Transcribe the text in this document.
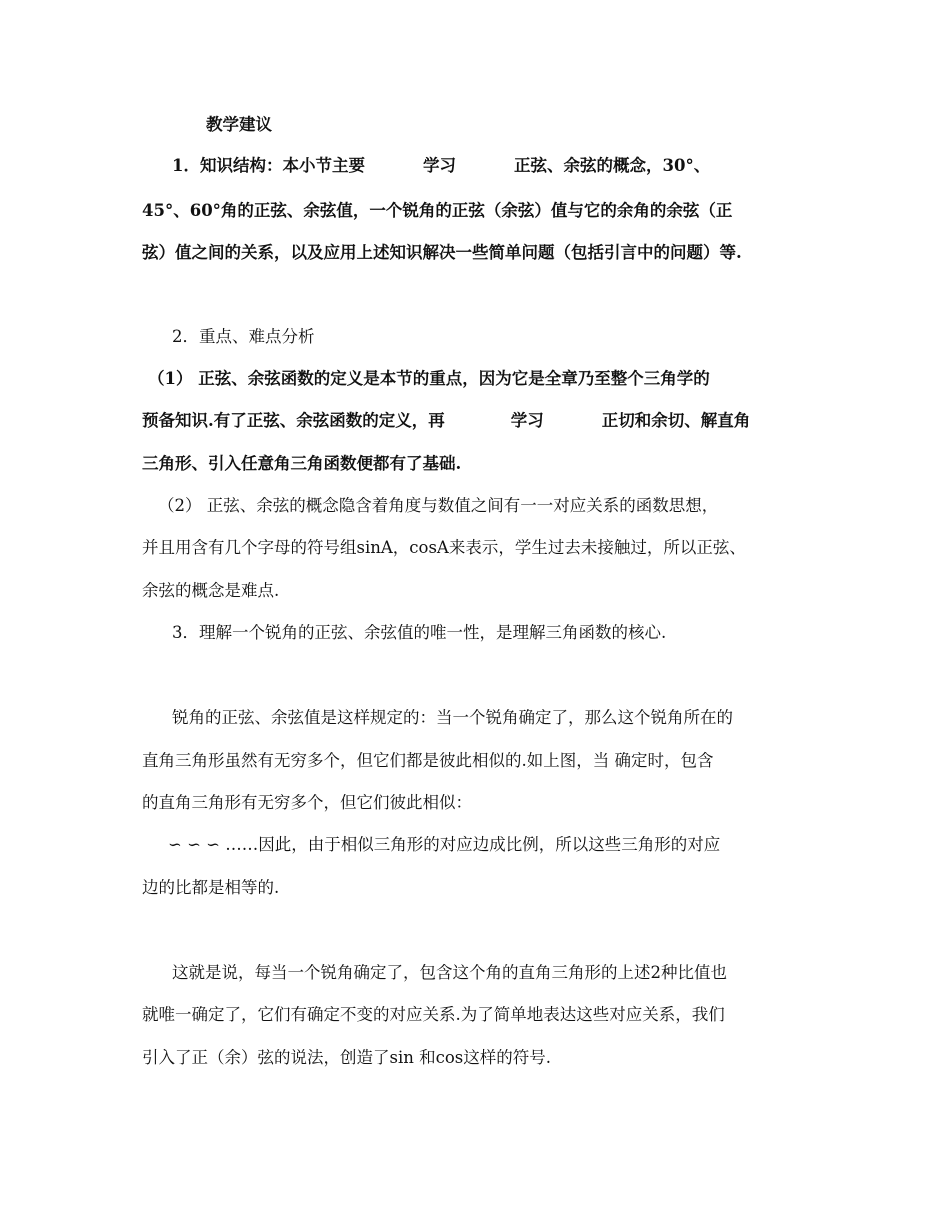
教学建议
1．知识结构：本小节主要	学习	正弦、余弦的概念，30°、
45°、60°角的正弦、余弦值，一个锐角的正弦（余弦）值与它的余角的余弦（正
弦）值之间的关系，以及应用上述知识解决一些简单问题（包括引言中的问题）等.
2．重点、难点分析
（1） 正弦、余弦函数的定义是本节的重点，因为它是全章乃至整个三角学的
预备知识.有了正弦、余弦函数的定义，再	学习	正切和余切、解直角
三角形、引入任意角三角函数便都有了基础.
（2） 正弦、余弦的概念隐含着角度与数值之间有一一对应关系的函数思想，
并且用含有几个字母的符号组sinA，cosA来表示，学生过去未接触过，所以正弦、
余弦的概念是难点.
3．理解一个锐角的正弦、余弦值的唯一性，是理解三角函数的核心.
锐角的正弦、余弦值是这样规定的：当一个锐角确定了，那么这个锐角所在的
直角三角形虽然有无穷多个，但它们都是彼此相似的.如上图，当 确定时，包含
的直角三角形有无穷多个，但它们彼此相似：
∽ ∽ ∽ ……因此，由于相似三角形的对应边成比例，所以这些三角形的对应
边的比都是相等的.
这就是说，每当一个锐角确定了，包含这个角的直角三角形的上述2种比值也
就唯一确定了，它们有确定不变的对应关系.为了简单地表达这些对应关系，我们
引入了正（余）弦的说法，创造了sin 和cos这样的符号.
